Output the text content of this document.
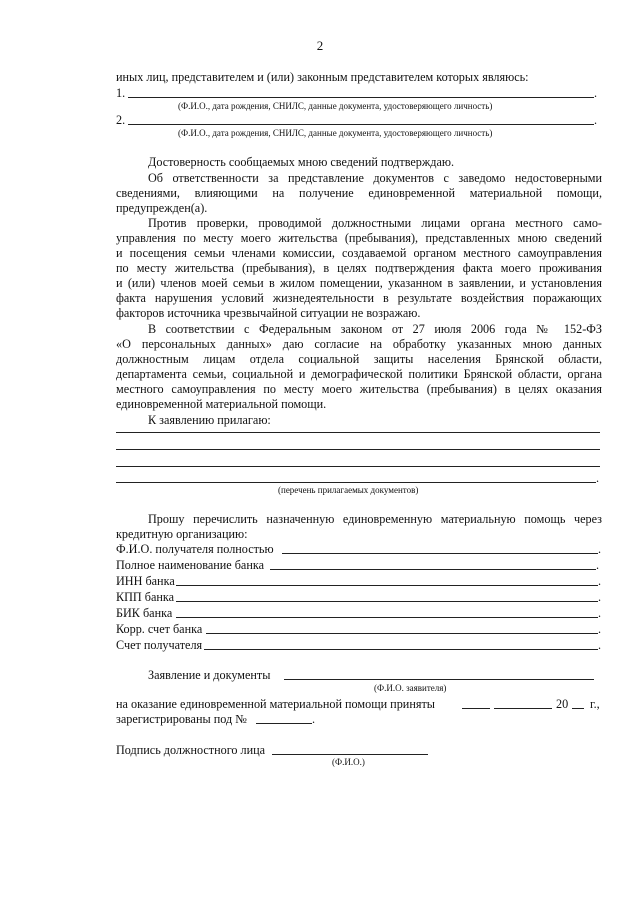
2
иных лиц, представителем и (или) законным представителем которых являюсь:
1.	.
(Ф.И.О., дата рождения, СНИЛС, данные документа, удостоверяющего личность)
2.	.
(Ф.И.О., дата рождения, СНИЛС, данные документа, удостоверяющего личность)
Достоверность сообщаемых мною сведений подтверждаю.
Об ответственности за представление документов с заведомо недостоверными
сведениями, влияющими на получение единовременной материальной помощи,
предупрежден(а).
Против проверки, проводимой должностными лицами органа местного само-
управления по месту моего жительства (пребывания), представленных мною сведений
и посещения семьи членами комиссии, создаваемой органом местного самоуправления
по месту жительства (пребывания), в целях подтверждения факта моего проживания
и (или) членов моей семьи в жилом помещении, указанном в заявлении, и установления
факта нарушения условий жизнедеятельности в результате воздействия поражающих
факторов источника чрезвычайной ситуации не возражаю.
В соответствии с Федеральным законом от 27 июля 2006 года № 152-ФЗ
«О персональных данных» даю согласие на обработку указанных мною данных
должностным лицам отдела социальной защиты населения Брянской области,
департамента семьи, социальной и демографической политики Брянской области, органа
местного самоуправления по месту моего жительства (пребывания) в целях оказания
единовременной материальной помощи.
К заявлению прилагаю:
.
(перечень прилагаемых документов)
Прошу перечислить назначенную единовременную материальную помощь через
кредитную организацию:
Ф.И.О. получателя полностью	.
Полное наименование банка	.
ИНН банка	.
КПП банка	.
БИК банка	.
Корр. счет банка	.
Счет получателя	.
Заявление и документы
(Ф.И.О. заявителя)
на оказание единовременной материальной помощи приняты	20 г.,
зарегистрированы под №	.
Подпись должностного лица
(Ф.И.О.)
